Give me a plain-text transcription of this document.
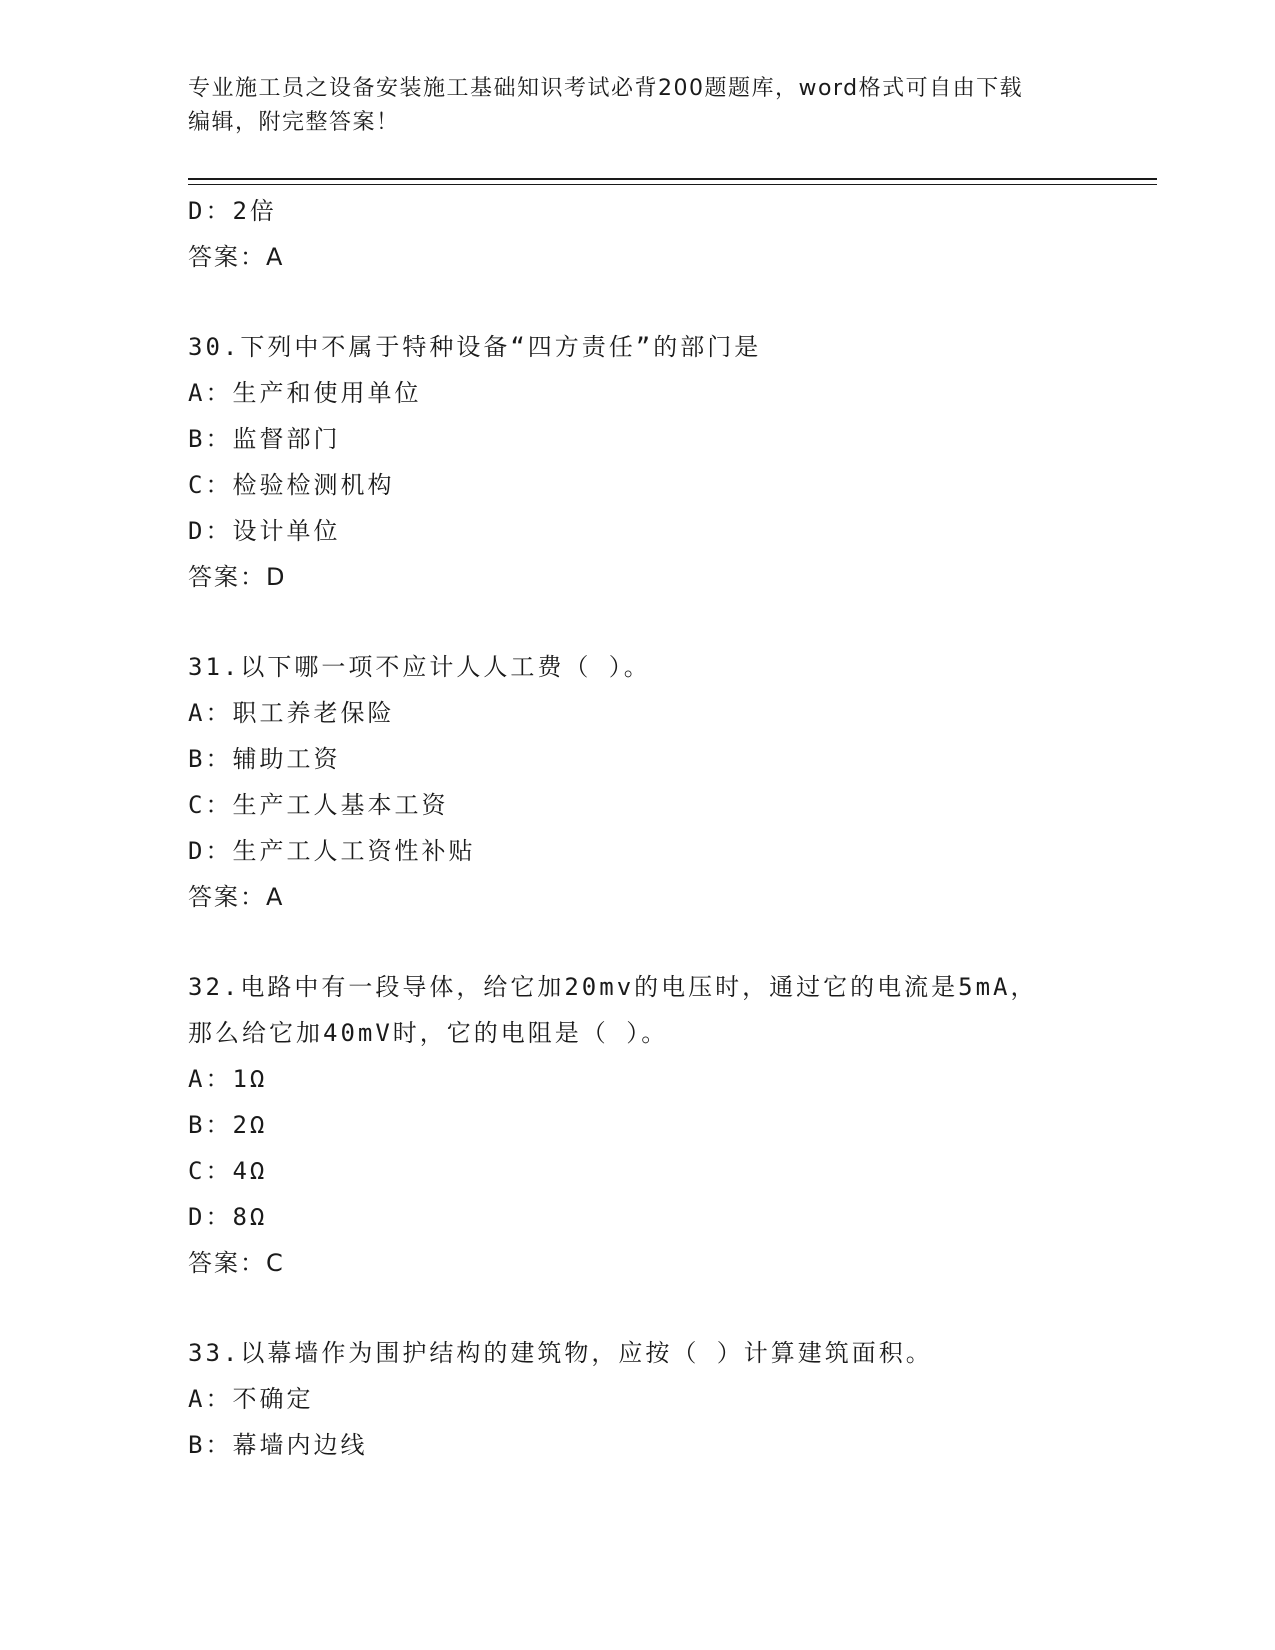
专业施工员之设备安装施工基础知识考试必背200题题库，word格式可自由下载
编辑，附完整答案！
D：2倍
答案：A
30.下列中不属于特种设备“四方责任”的部门是
A：生产和使用单位
B：监督部门
C：检验检测机构
D：设计单位
答案：D
31.以下哪一项不应计人人工费（ ）。
A：职工养老保险
B：辅助工资
C：生产工人基本工资
D：生产工人工资性补贴
答案：A
32.电路中有一段导体，给它加20mv的电压时，通过它的电流是5mA，
那么给它加40mV时，它的电阻是（ ）。
A：1Ω
B：2Ω
C：4Ω
D：8Ω
答案：C
33.以幕墙作为围护结构的建筑物，应按（ ）计算建筑面积。
A：不确定
B：幕墙内边线
